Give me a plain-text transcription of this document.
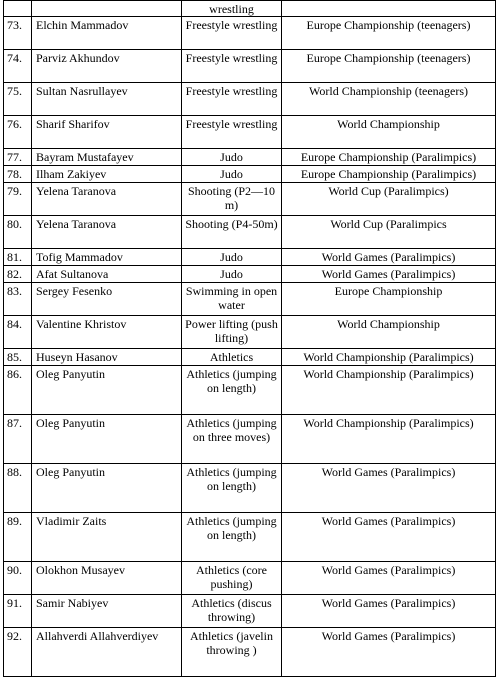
		wrestling	

73.	Elchin Mammadov	Freestyle wrestling	Europe Championship (teenagers)

74.	Parviz Akhundov	Freestyle wrestling	Europe Championship (teenagers)

75.	Sultan Nasrullayev	Freestyle wrestling	World Championship (teenagers)

76.	Sharif Sharifov	Freestyle wrestling	World Championship

77.	Bayram Mustafayev	Judo	Europe Championship (Paralimpics)

78.	Ilham Zakiyev	Judo	Europe Championship (Paralimpics)

79.	Yelena Taranova	Shooting (P2—10 m)	World Cup (Paralimpics)

80.	Yelena Taranova	Shooting (P4-50m)	World Cup (Paralimpics

81.	Tofig Mammadov	Judo	World Games (Paralimpics)

82.	Afat Sultanova	Judo	World Games (Paralimpics)

83.	Sergey Fesenko	Swimming in open water	Europe Championship

84.	Valentine Khristov	Power lifting (push lifting)	World Championship

85.	Huseyn Hasanov	Athletics	World Championship (Paralimpics)

86.	Oleg Panyutin	Athletics (jumping on length)	World Championship (Paralimpics)

87.	Oleg Panyutin	Athletics (jumping on three moves)	World Championship (Paralimpics)

88.	Oleg Panyutin	Athletics (jumping on length)	World Games (Paralimpics)

89.	Vladimir Zaits	Athletics (jumping on length)	World Games (Paralimpics)

90.	Olokhon Musayev	Athletics (core pushing)	World Games (Paralimpics)

91.	Samir Nabiyev	Athletics (discus throwing)	World Games (Paralimpics)

92.	Allahverdi Allahverdiyev	Athletics (javelin throwing )	World Games (Paralimpics)
